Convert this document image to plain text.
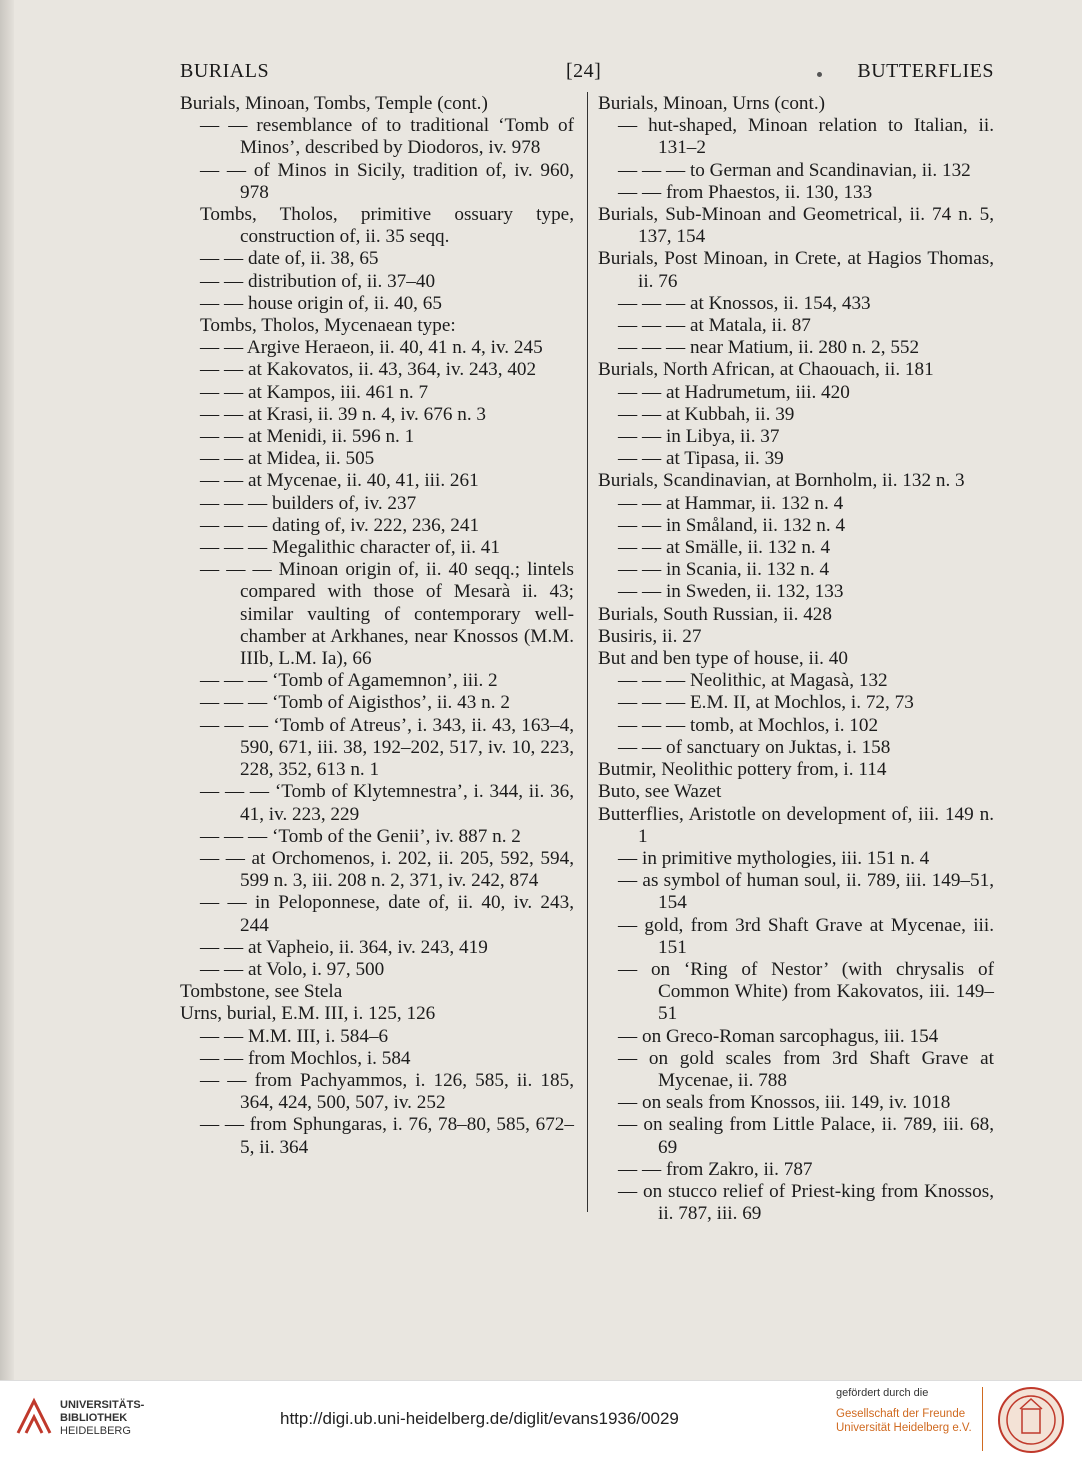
BURIALS	[24]	BUTTERFLIES
Burials, Minoan, Tombs, Temple (cont.)
— — resemblance of to traditional ‘Tomb of Minos’, described by Diodoros, iv. 978
— — of Minos in Sicily, tradition of, iv. 960, 978
Tombs, Tholos, primitive ossuary type, construction of, ii. 35 seqq.
— — date of, ii. 38, 65
— — distribution of, ii. 37–40
— — house origin of, ii. 40, 65
Tombs, Tholos, Mycenaean type:
— — Argive Heraeon, ii. 40, 41 n. 4, iv. 245
— — at Kakovatos, ii. 43, 364, iv. 243, 402
— — at Kampos, iii. 461 n. 7
— — at Krasi, ii. 39 n. 4, iv. 676 n. 3
— — at Menidi, ii. 596 n. 1
— — at Midea, ii. 505
— — at Mycenae, ii. 40, 41, iii. 261
— — — builders of, iv. 237
— — — dating of, iv. 222, 236, 241
— — — Megalithic character of, ii. 41
— — — Minoan origin of, ii. 40 seqq.; lintels compared with those of Mesarà ii. 43; similar vaulting of contemporary well-chamber at Arkhanes, near Knossos (M.M. IIIb, L.M. Ia), 66
— — — ‘Tomb of Agamemnon’, iii. 2
— — — ‘Tomb of Aigisthos’, ii. 43 n. 2
— — — ‘Tomb of Atreus’, i. 343, ii. 43, 163–4, 590, 671, iii. 38, 192–202, 517, iv. 10, 223, 228, 352, 613 n. 1
— — — ‘Tomb of Klytemnestra’, i. 344, ii. 36, 41, iv. 223, 229
— — — ‘Tomb of the Genii’, iv. 887 n. 2
— — at Orchomenos, i. 202, ii. 205, 592, 594, 599 n. 3, iii. 208 n. 2, 371, iv. 242, 874
— — in Peloponnese, date of, ii. 40, iv. 243, 244
— — at Vapheio, ii. 364, iv. 243, 419
— — at Volo, i. 97, 500
Tombstone, see Stela
Urns, burial, E.M. III, i. 125, 126
— — M.M. III, i. 584–6
— — from Mochlos, i. 584
— — from Pachyammos, i. 126, 585, ii. 185, 364, 424, 500, 507, iv. 252
— — from Sphungaras, i. 76, 78–80, 585, 672–5, ii. 364
Burials, Minoan, Urns (cont.)
— hut-shaped, Minoan relation to Italian, ii. 131–2
— — — to German and Scandinavian, ii. 132
— — from Phaestos, ii. 130, 133
Burials, Sub-Minoan and Geometrical, ii. 74 n. 5, 137, 154
Burials, Post Minoan, in Crete, at Hagios Thomas, ii. 76
— — — at Knossos, ii. 154, 433
— — — at Matala, ii. 87
— — — near Matium, ii. 280 n. 2, 552
Burials, North African, at Chaouach, ii. 181
— — at Hadrumetum, iii. 420
— — at Kubbah, ii. 39
— — in Libya, ii. 37
— — at Tipasa, ii. 39
Burials, Scandinavian, at Bornholm, ii. 132 n. 3
— — at Hammar, ii. 132 n. 4
— — in Småland, ii. 132 n. 4
— — at Smälle, ii. 132 n. 4
— — in Scania, ii. 132 n. 4
— — in Sweden, ii. 132, 133
Burials, South Russian, ii. 428
Busiris, ii. 27
But and ben type of house, ii. 40
— — — Neolithic, at Magasà, 132
— — — E.M. II, at Mochlos, i. 72, 73
— — — tomb, at Mochlos, i. 102
— — of sanctuary on Juktas, i. 158
Butmir, Neolithic pottery from, i. 114
Buto, see Wazet
Butterflies, Aristotle on development of, iii. 149 n. 1
— in primitive mythologies, iii. 151 n. 4
— as symbol of human soul, ii. 789, iii. 149–51, 154
— gold, from 3rd Shaft Grave at Mycenae, iii. 151
— on ‘Ring of Nestor’ (with chrysalis of Common White) from Kakovatos, iii. 149–51
— on Greco-Roman sarcophagus, iii. 154
— on gold scales from 3rd Shaft Grave at Mycenae, ii. 788
— on seals from Knossos, iii. 149, iv. 1018
— on sealing from Little Palace, ii. 789, iii. 68, 69
— — from Zakro, ii. 787
— on stucco relief of Priest-king from Knossos, ii. 787, iii. 69
UNIVERSITÄTS-
BIBLIOTHEK
HEIDELBERG
http://digi.ub.uni-heidelberg.de/diglit/evans1936/0029
gefördert durch die
Gesellschaft der Freunde
Universität Heidelberg e.V.
